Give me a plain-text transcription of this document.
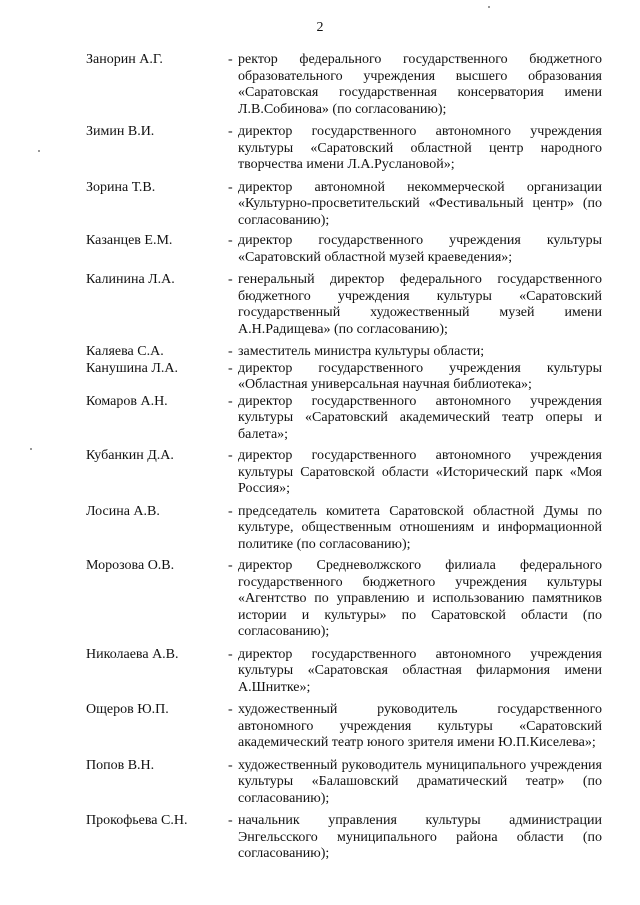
2
Занорин А.Г.	- ректор федерального государственного бюджетного образовательного учреждения высшего образования «Саратовская государственная консерватория имени Л.В.Собинова» (по согласованию);
Зимин В.И.	- директор государственного автономного учреждения культуры «Саратовский областной центр народного творчества имени Л.А.Руслановой»;
Зорина Т.В.	- директор автономной некоммерческой организации «Культурно-просветительский «Фестивальный центр» (по согласованию);
Казанцев Е.М.	- директор государственного учреждения культуры «Саратовский областной музей краеведения»;
Калинина Л.А.	- генеральный директор федерального государственного бюджетного учреждения культуры «Саратовский государственный художественный музей имени А.Н.Радищева» (по согласованию);
Каляева С.А.	- заместитель министра культуры области;
Канушина Л.А.	- директор государственного учреждения культуры «Областная универсальная научная библиотека»;
Комаров А.Н.	- директор государственного автономного учреждения культуры «Саратовский академический театр оперы и балета»;
Кубанкин Д.А.	- директор государственного автономного учреждения культуры Саратовской области «Исторический парк «Моя Россия»;
Лосина А.В.	- председатель комитета Саратовской областной Думы по культуре, общественным отношениям и информационной политике (по согласованию);
Морозова О.В.	- директор Средневолжского филиала федерального государственного бюджетного учреждения культуры «Агентство по управлению и использованию памятников истории и культуры» по Саратовской области (по согласованию);
Николаева А.В.	- директор государственного автономного учреждения культуры «Саратовская областная филармония имени А.Шнитке»;
Ощеров Ю.П.	- художественный руководитель государственного автономного учреждения культуры «Саратовский академический театр юного зрителя имени Ю.П.Киселева»;
Попов В.Н.	- художественный руководитель муниципального учреждения культуры «Балашовский драматический театр» (по согласованию);
Прокофьева С.Н.	- начальник управления культуры администрации Энгельсского муниципального района области (по согласованию);
